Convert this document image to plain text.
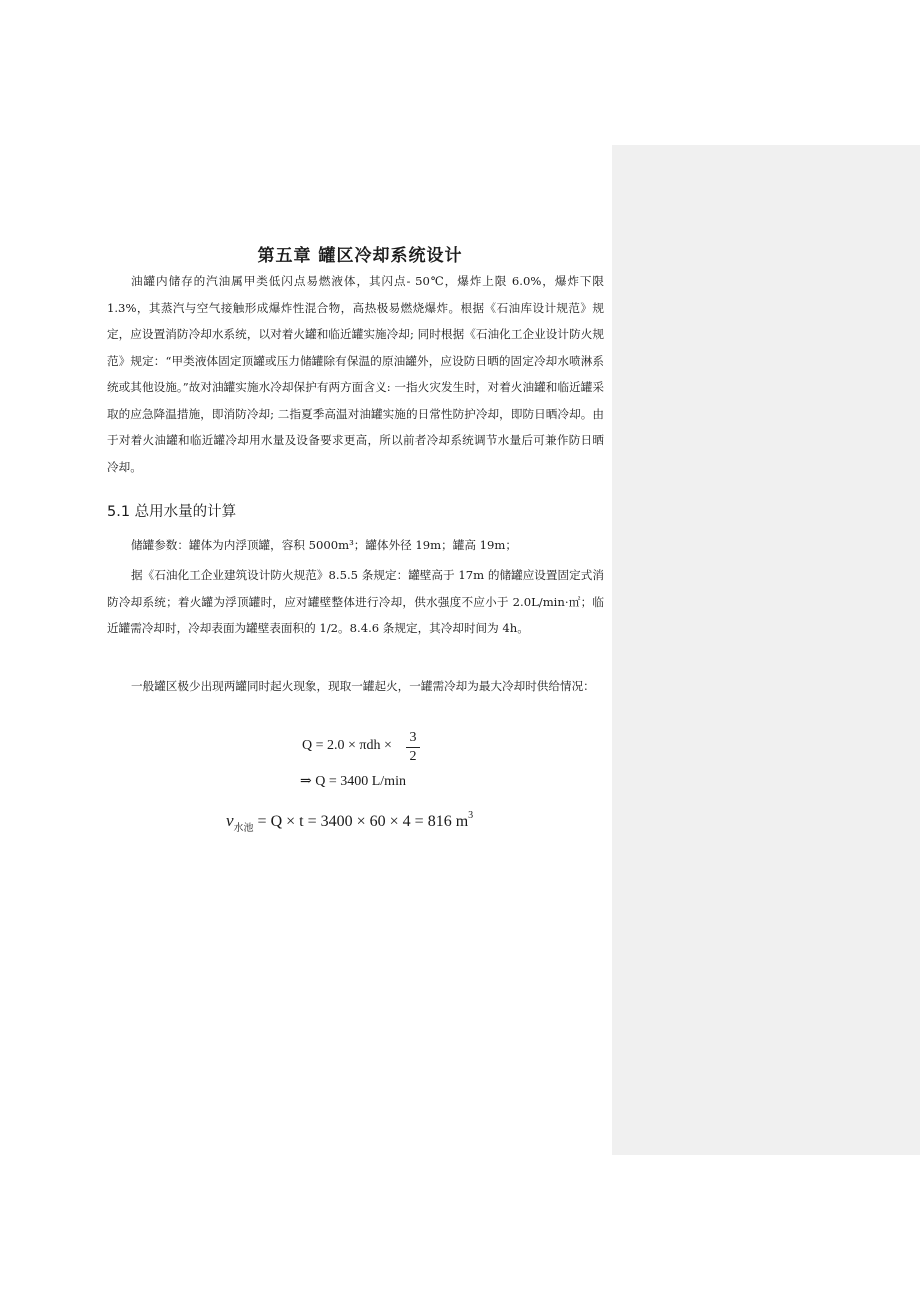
第五章 罐区冷却系统设计

油罐内储存的汽油属甲类低闪点易燃液体，其闪点- 50℃，爆炸上限 6.0%，爆炸下限 1.3%，其蒸汽与空气接触形成爆炸性混合物，高热极易燃烧爆炸。根据《石油库设计规范》规定，应设置消防冷却水系统，以对着火罐和临近罐实施冷却; 同时根据《石油化工企业设计防火规范》规定：“甲类液体固定顶罐或压力储罐除有保温的原油罐外，应设防日晒的固定冷却水喷淋系统或其他设施。”故对油罐实施水冷却保护有两方面含义: 一指火灾发生时，对着火油罐和临近罐采取的应急降温措施，即消防冷却; 二指夏季高温对油罐实施的日常性防护冷却，即防日晒冷却。由于对着火油罐和临近罐冷却用水量及设备要求更高，所以前者冷却系统调节水量后可兼作防日晒冷却。

5.1 总用水量的计算

储罐参数：罐体为内浮顶罐，容积 5000m³；罐体外径 19m；罐高 19m；

据《石油化工企业建筑设计防火规范》8.5.5 条规定：罐壁高于 17m 的储罐应设置固定式消防冷却系统；着火罐为浮顶罐时，应对罐壁整体进行冷却，供水强度不应小于 2.0L/min·㎡；临近罐需冷却时，冷却表面为罐壁表面积的 1/2。8.4.6 条规定，其冷却时间为 4h。

一般罐区极少出现两罐同时起火现象，现取一罐起火，一罐需冷却为最大冷却时供给情况：

Q = 2.0 × πdh ×
3
2
⇒ Q = 3400 L/min
$v_{水池} = Q \times t = 3400 \times 60 \times 4 = 816$ $m^3$
